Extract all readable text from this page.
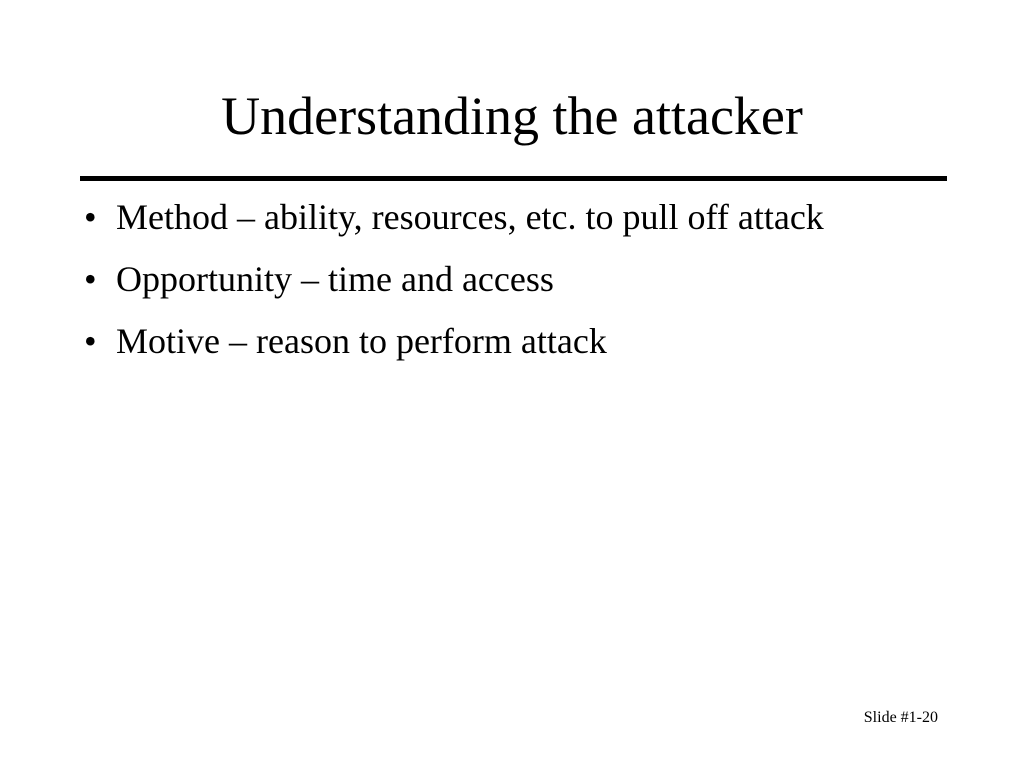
Understanding the attacker
• Method – ability, resources, etc. to pull off attack
• Opportunity – time and access
• Motive – reason to perform attack
Slide #1-20
